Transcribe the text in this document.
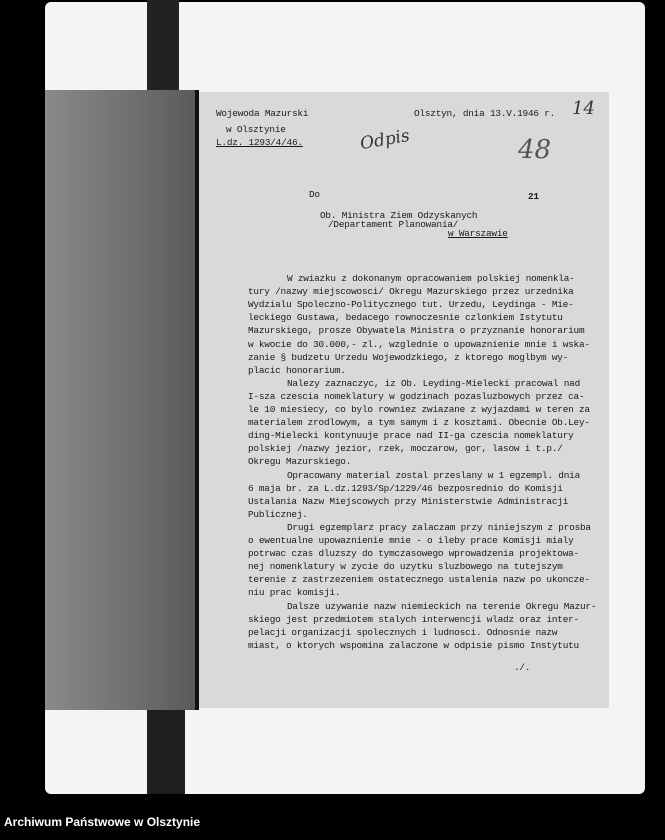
Wojewoda Mazurski
w Olsztynie
L.dz. 1293/4/46.
Olsztyn, dnia 13.V.1946 r. 14
Odpis	48
21
Do
Ob. Ministra Ziem Odzyskanych
/Departament Planowania/
w Warszawie
W zwiazku z dokonanym opracowaniem polskiej nomenkla-
tury /nazwy miejscowosci/ Okregu Mazurskiego przez urzednika
Wydzialu Spoleczno-Politycznego tut. Urzedu, Leydinga - Mie-
leckiego Gustawa, bedacego rownoczesnie czlonkiem Istytutu
Mazurskiego, prosze Obywatela Ministra o przyznanie honorarium
w kwocie do 30.000,- zl., wzglednie o upowaznienie mnie i wska-
zanie § budzetu Urzedu Wojewodzkiego, z ktorego moglbym wy-
placic honorarium.
Nalezy zaznaczyc, iz Ob. Leyding-Mielecki pracowal nad
I-sza czescia nomeklatury w godzinach pozasluzbowych przez ca-
le 10 miesiecy, co bylo rowniez zwiazane z wyjazdami w teren za
materialem zrodlowym, a tym samym i z kosztami. Obecnie Ob.Ley-
ding-Mielecki kontynuuje prace nad II-ga czescia nomeklatury
polskiej /nazwy jezior, rzek, moczarow, gor, lasow i t.p./
Okregu Mazurskiego.
Opracowany material zostal przeslany w 1 egzempl. dnia
6 maja br. za L.dz.1293/Sp/1229/46 bezposrednio do Komisji
Ustalania Nazw Miejscowych przy Ministerstwie Administracji
Publicznej.
Drugi egzemplarz pracy zalaczam przy niniejszym z prosba
o ewentualne upowaznienie mnie - o ileby prace Komisji mialy
potrwac czas dluzszy do tymczasowego wprowadzenia projektowa-
nej nomenklatury w zycie do uzytku sluzbowego na tutejszym
terenie z zastrzezeniem ostatecznego ustalenia nazw po ukoncze-
niu prac komisji.
Dalsze uzywanie nazw niemieckich na terenie Okregu Mazur-
skiego jest przedmiotem stalych interwencji wladz oraz inter-
pelacji organizacji spolecznych i ludnosci. Odnosnie nazw
miast, o ktorych wspomina zalaczone w odpisie pismo Instytutu
./.
Archiwum Państwowe w Olsztynie
